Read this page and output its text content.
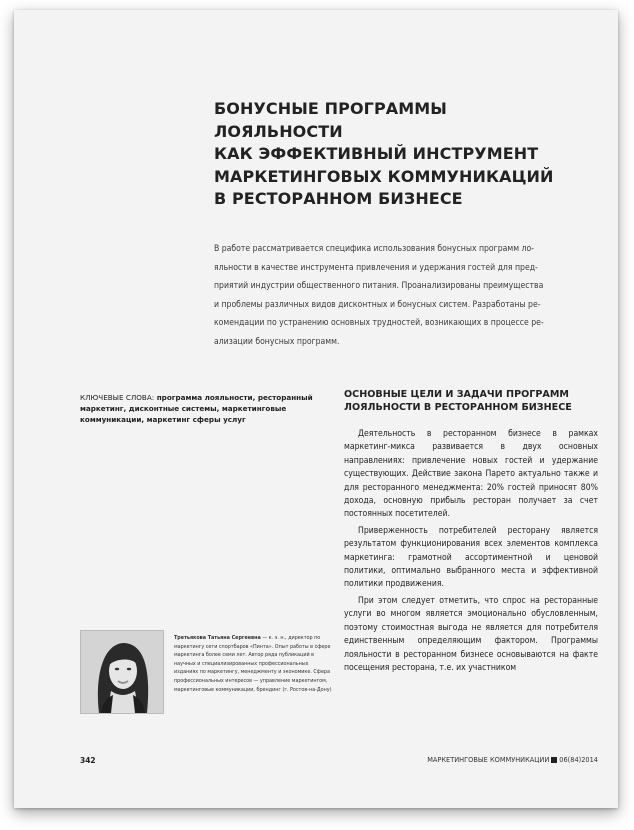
БОНУСНЫЕ ПРОГРАММЫ ЛОЯЛЬНОСТИ
КАК ЭФФЕКТИВНЫЙ ИНСТРУМЕНТ
МАРКЕТИНГОВЫХ КОММУНИКАЦИЙ
В РЕСТОРАННОМ БИЗНЕСЕ
В работе рассматривается специфика использования бонусных программ ло-
яльности в качестве инструмента привлечения и удержания гостей для пред-
приятий индустрии общественного питания. Проанализированы преимущества
и проблемы различных видов дисконтных и бонусных систем. Разработаны ре-
комендации по устранению основных трудностей, возникающих в процессе ре-
ализации бонусных программ.

КЛЮЧЕВЫЕ СЛОВА: программа лояльности, ресторанный маркетинг, дисконтные системы, маркетинговые коммуникации, маркетинг сферы услуг

ОСНОВНЫЕ ЦЕЛИ И ЗАДАЧИ ПРОГРАММ
ЛОЯЛЬНОСТИ В РЕСТОРАННОМ БИЗНЕСЕ

Деятельность в ресторанном бизнесе в рамках маркетинг-микса развивается в двух основных направлениях: привлечение новых гостей и удержание существующих. Действие закона Парето актуально также и для ресторанного менеджмента: 20% гостей приносят 80% дохода, основную прибыль ресторан получает за счет постоянных посетителей.

Приверженность потребителей ресторану является результатом функционирования всех элементов комплекса маркетинга: грамотной ассортиментной и ценовой политики, оптимально выбранного места и эффективной политики продвижения.

При этом следует отметить, что спрос на ресторанные услуги во многом является эмоционально обусловленным, поэтому стоимостная выгода не является для потребителя единственным определяющим фактором. Программы лояльности в ресторанном бизнесе основываются на факте посещения ресторана, т.е. их участником

Третьякова Татьяна Сергеевна — к. э. н., директор по маркетингу сети спортбаров «Пинта». Опыт работы в сфере маркетинга более семи лет. Автор ряда публикаций в научных и специализированных профессиональных изданиях по маркетингу, менеджменту и экономике. Сфера профессиональных интересов — управление маркетингом, маркетинговые коммуникации, брендинг (г. Ростов-на-Дону)

342	МАРКЕТИНГОВЫЕ КОММУНИКАЦИИ 06(84)2014
